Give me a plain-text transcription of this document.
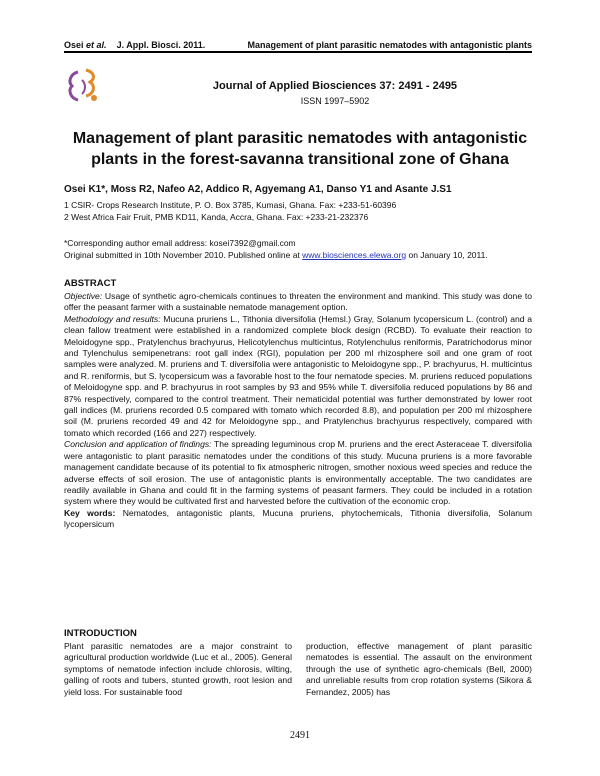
Osei et al. J. Appl. Biosci. 2011.	Management of plant parasitic nematodes with antagonistic plants
Journal of Applied Biosciences 37: 2491 - 2495
ISSN 1997–5902
Management of plant parasitic nematodes with antagonistic plants in the forest-savanna transitional zone of Ghana
Osei K1*, Moss R2, Nafeo A2, Addico R, Agyemang A1, Danso Y1 and Asante J.S1
1 CSIR- Crops Research Institute, P. O. Box 3785, Kumasi, Ghana. Fax: +233-51-60396
2 West Africa Fair Fruit, PMB KD11, Kanda, Accra, Ghana. Fax: +233-21-232376
*Corresponding author email address: kosei7392@gmail.com
Original submitted in 10th November 2010. Published online at www.biosciences.elewa.org on January 10, 2011.
ABSTRACT

Objective: Usage of synthetic agro-chemicals continues to threaten the environment and mankind. This study was done to offer the peasant farmer with a sustainable nematode management option.

Methodology and results: Mucuna pruriens L., Tithonia diversifolia (Hemsl.) Gray, Solanum lycopersicum L. (control) and a clean fallow treatment were established in a randomized complete block design (RCBD). To evaluate their reaction to Meloidogyne spp., Pratylenchus brachyurus, Helicotylenchus multicintus, Rotylenchulus reniformis, Paratrichodorus minor and Tylenchulus semipenetrans: root gall index (RGI), population per 200 ml rhizosphere soil and one gram of root samples were analyzed. M. pruriens and T. diversifolia were antagonistic to Meloidogyne spp., P. brachyurus, H. multicintus and R. reniformis, but S. lycopersicum was a favorable host to the four nematode species. M. pruriens reduced populations of Meloidogyne spp. and P. brachyurus in root samples by 93 and 95% while T. diversifolia reduced populations by 86 and 87% respectively, compared to the control treatment. Their nematicidal potential was further demonstrated by lower root gall indices (M. pruriens recorded 0.5 compared with tomato which recorded 8.8), and population per 200 ml rhizosphere soil (M. pruriens recorded 49 and 42 for Meloidogyne spp., and Pratylenchus brachyurus respectively, compared with tomato which recorded (166 and 227) respectively.

Conclusion and application of findings: The spreading leguminous crop M. pruriens and the erect Asteraceae T. diversifolia were antagonistic to plant parasitic nematodes under the conditions of this study. Mucuna pruriens is a more favorable management candidate because of its potential to fix atmospheric nitrogen, smother noxious weed species and reduce the adverse effects of soil erosion. The use of antagonistic plants is environmentally acceptable. The two candidates are readily available in Ghana and could fit in the farming systems of peasant farmers. They could be included in a rotation system where they would be cultivated first and harvested before the cultivation of the economic crop.

Key words: Nematodes, antagonistic plants, Mucuna pruriens, phytochemicals, Tithonia diversifolia, Solanum lycopersicum

INTRODUCTION

Plant parasitic nematodes are a major constraint to agricultural production worldwide (Luc et al., 2005). General symptoms of nematode infection include chlorosis, wilting, galling of roots and tubers, stunted growth, root lesion and yield loss. For sustainable food

production, effective management of plant parasitic nematodes is essential. The assault on the environment through the use of synthetic agro-chemicals (Bell, 2000) and unreliable results from crop rotation systems (Sikora & Fernandez, 2005) has

2491
